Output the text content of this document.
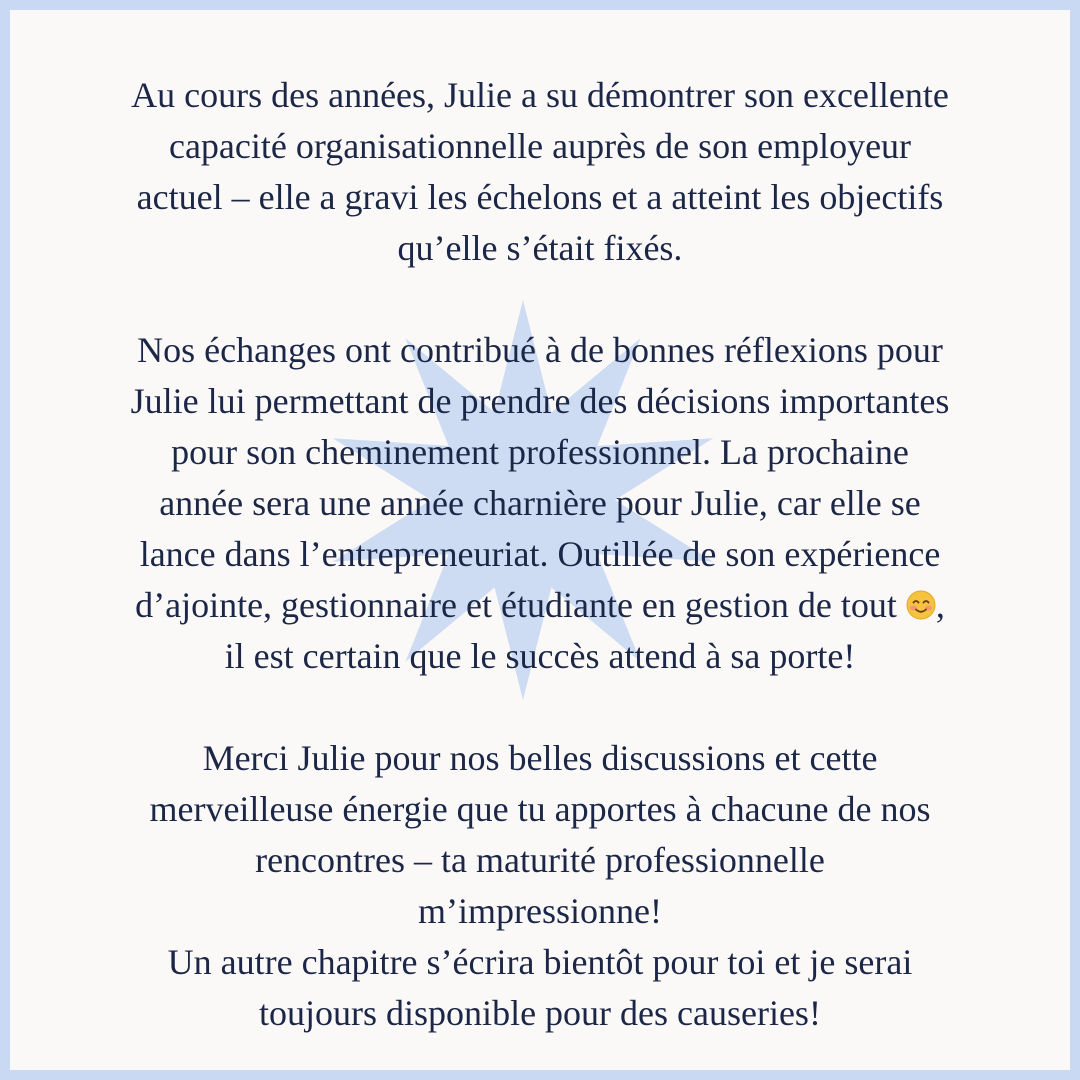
Au cours des années, Julie a su démontrer son excellente
capacité organisationnelle auprès de son employeur
actuel – elle a gravi les échelons et a atteint les objectifs
qu’elle s’était fixés.

Nos échanges ont contribué à de bonnes réflexions pour
Julie lui permettant de prendre des décisions importantes
pour son cheminement professionnel. La prochaine
année sera une année charnière pour Julie, car elle se
lance dans l’entrepreneuriat. Outillée de son expérience
d’ajointe, gestionnaire et étudiante en gestion de tout ,
il est certain que le succès attend à sa porte!

Merci Julie pour nos belles discussions et cette
merveilleuse énergie que tu apportes à chacune de nos
rencontres – ta maturité professionnelle
m’impressionne!
Un autre chapitre s’écrira bientôt pour toi et je serai
toujours disponible pour des causeries!
